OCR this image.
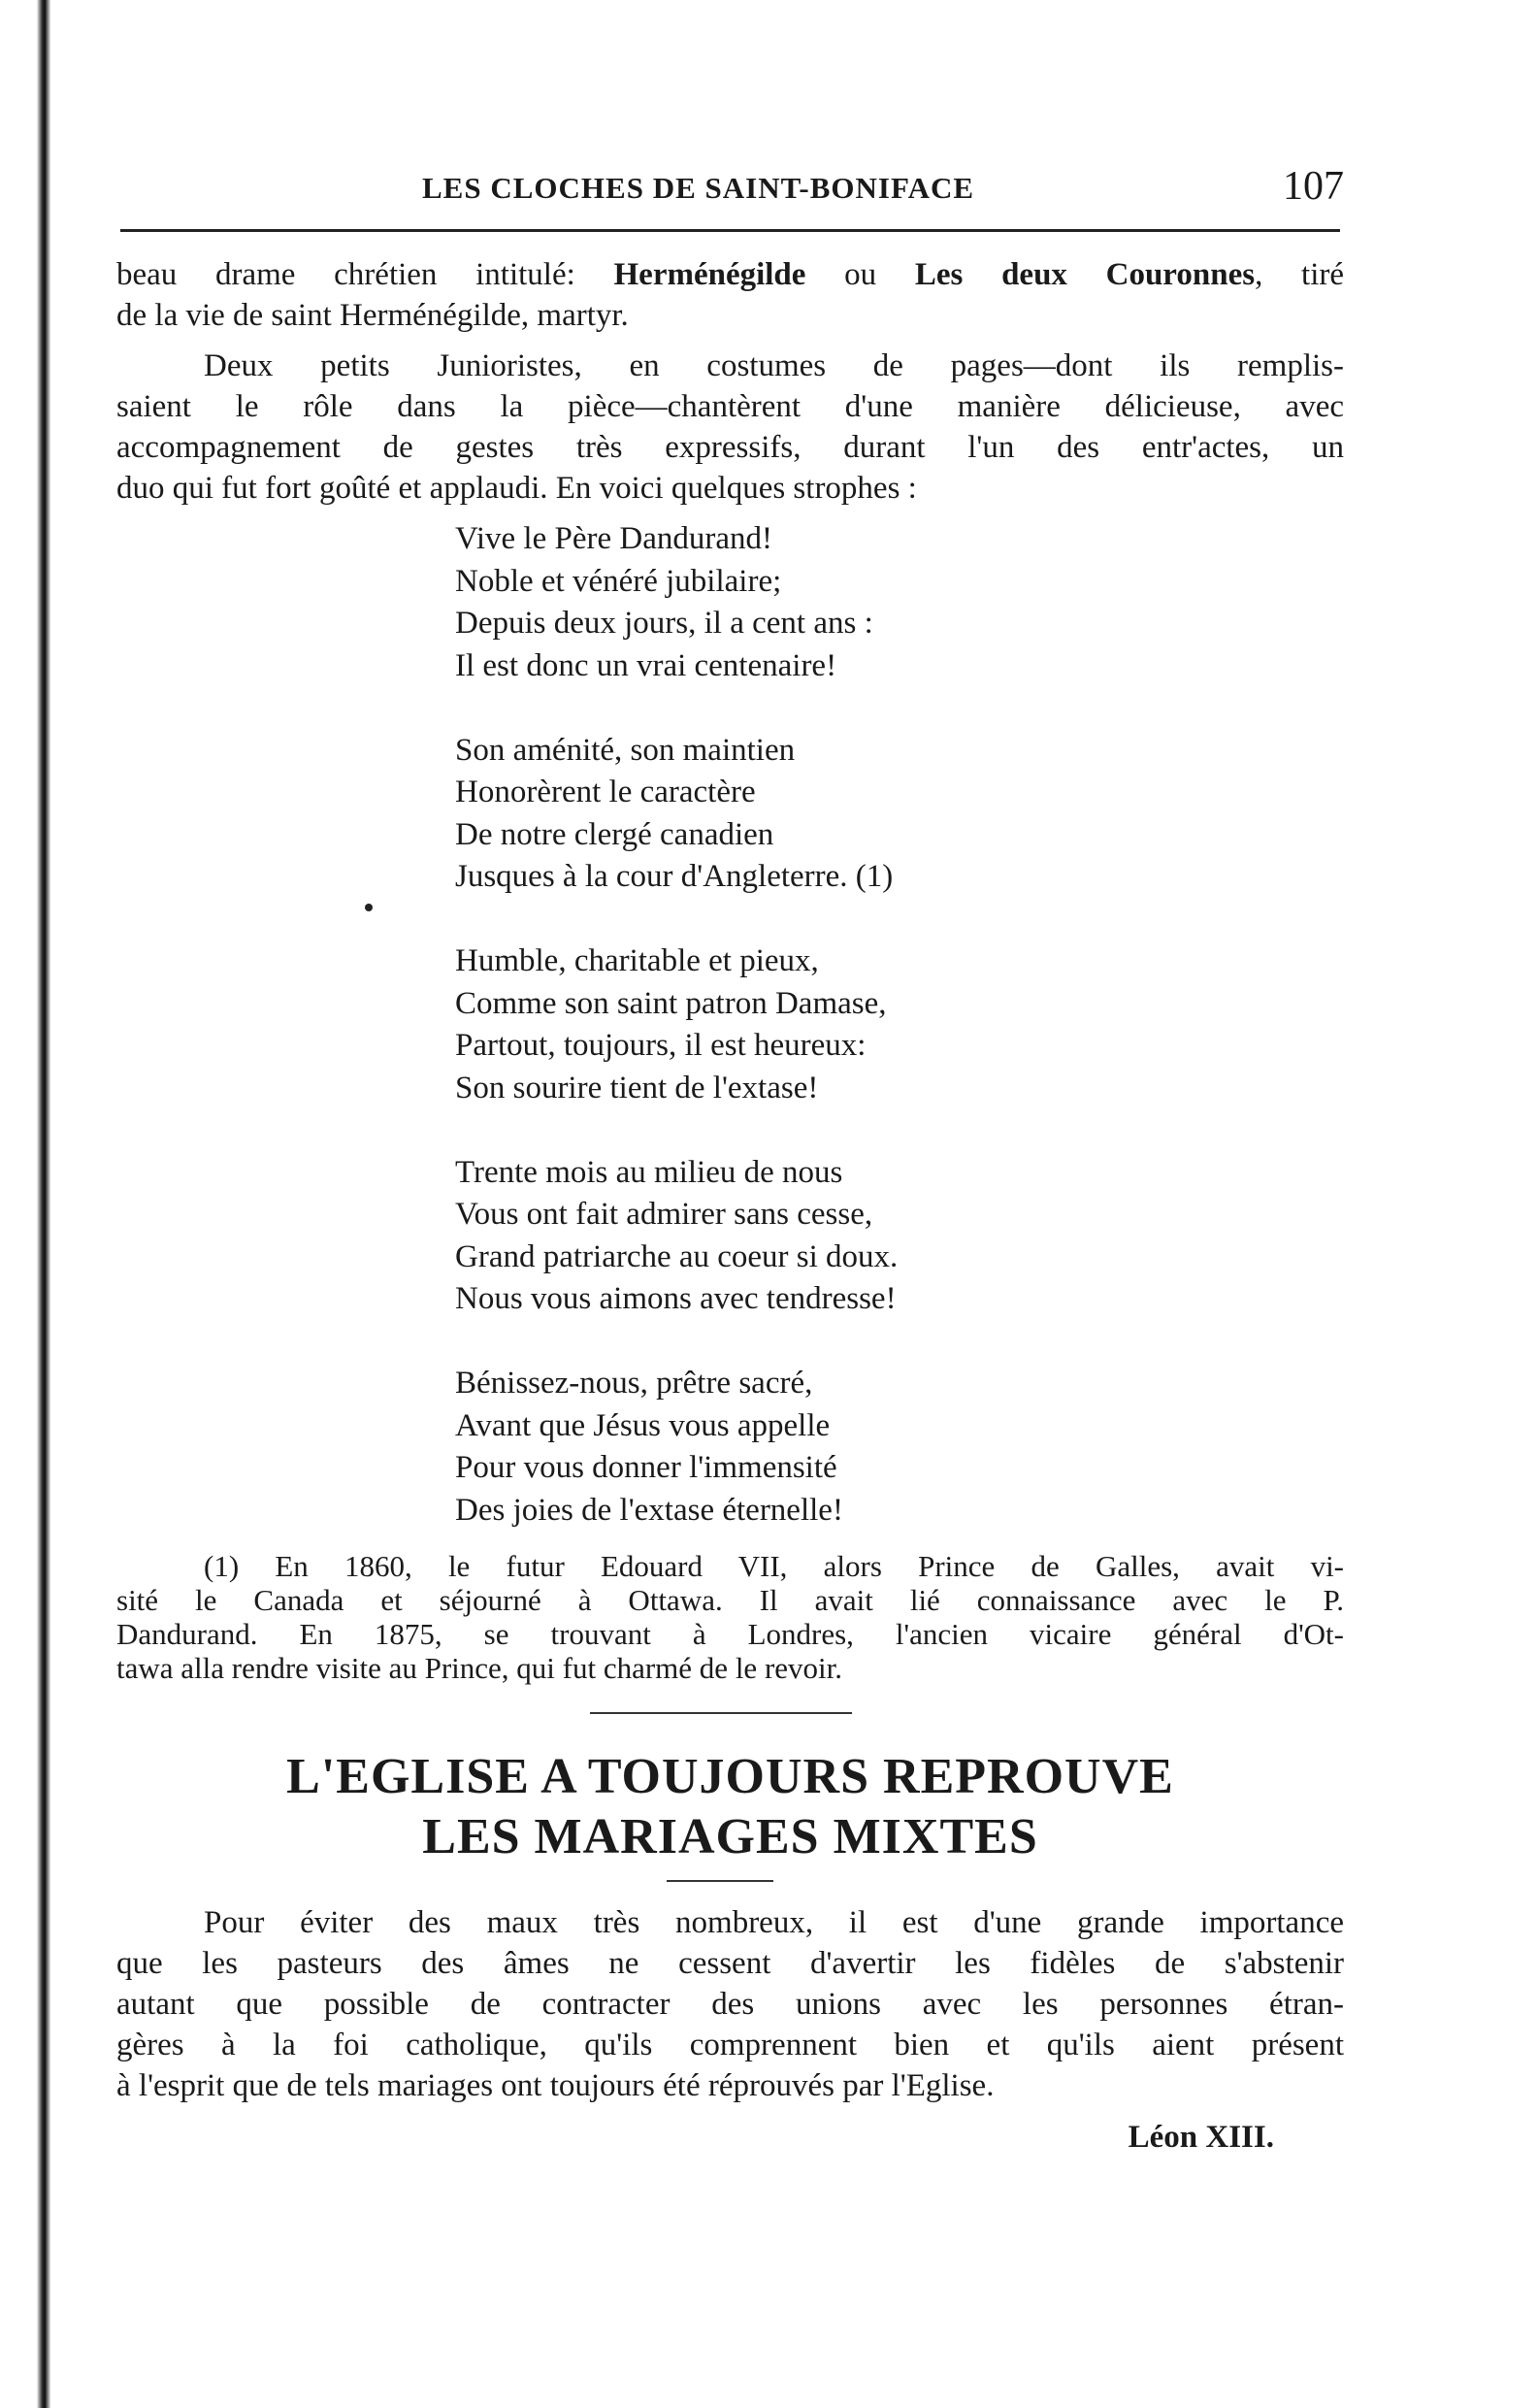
LES CLOCHES DE SAINT-BONIFACE	107

beau drame chrétien intitulé: Herménégilde ou Les deux Couronnes, tiré
de la vie de saint Herménégilde, martyr.

Deux petits Junioristes, en costumes de pages—dont ils remplis-
saient le rôle dans la pièce—chantèrent d'une manière délicieuse, avec
accompagnement de gestes très expressifs, durant l'un des entr'actes, un
duo qui fut fort goûté et applaudi. En voici quelques strophes :

Vive le Père Dandurand!
Noble et vénéré jubilaire;
Depuis deux jours, il a cent ans :
Il est donc un vrai centenaire!
Son aménité, son maintien
Honorèrent le caractère
De notre clergé canadien
Jusques à la cour d'Angleterre. (1)
Humble, charitable et pieux,
Comme son saint patron Damase,
Partout, toujours, il est heureux:
Son sourire tient de l'extase!
Trente mois au milieu de nous
Vous ont fait admirer sans cesse,
Grand patriarche au coeur si doux.
Nous vous aimons avec tendresse!
Bénissez-nous, prêtre sacré,
Avant que Jésus vous appelle
Pour vous donner l'immensité
Des joies de l'extase éternelle!
(1) En 1860, le futur Edouard VII, alors Prince de Galles, avait vi-
sité le Canada et séjourné à Ottawa. Il avait lié connaissance avec le P.
Dandurand. En 1875, se trouvant à Londres, l'ancien vicaire général d'Ot-
tawa alla rendre visite au Prince, qui fut charmé de le revoir.
L'EGLISE A TOUJOURS REPROUVE
LES MARIAGES MIXTES

Pour éviter des maux très nombreux, il est d'une grande importance
que les pasteurs des âmes ne cessent d'avertir les fidèles de s'abstenir
autant que possible de contracter des unions avec les personnes étran-
gères à la foi catholique, qu'ils comprennent bien et qu'ils aient présent
à l'esprit que de tels mariages ont toujours été réprouvés par l'Eglise.

Léon XIII.
